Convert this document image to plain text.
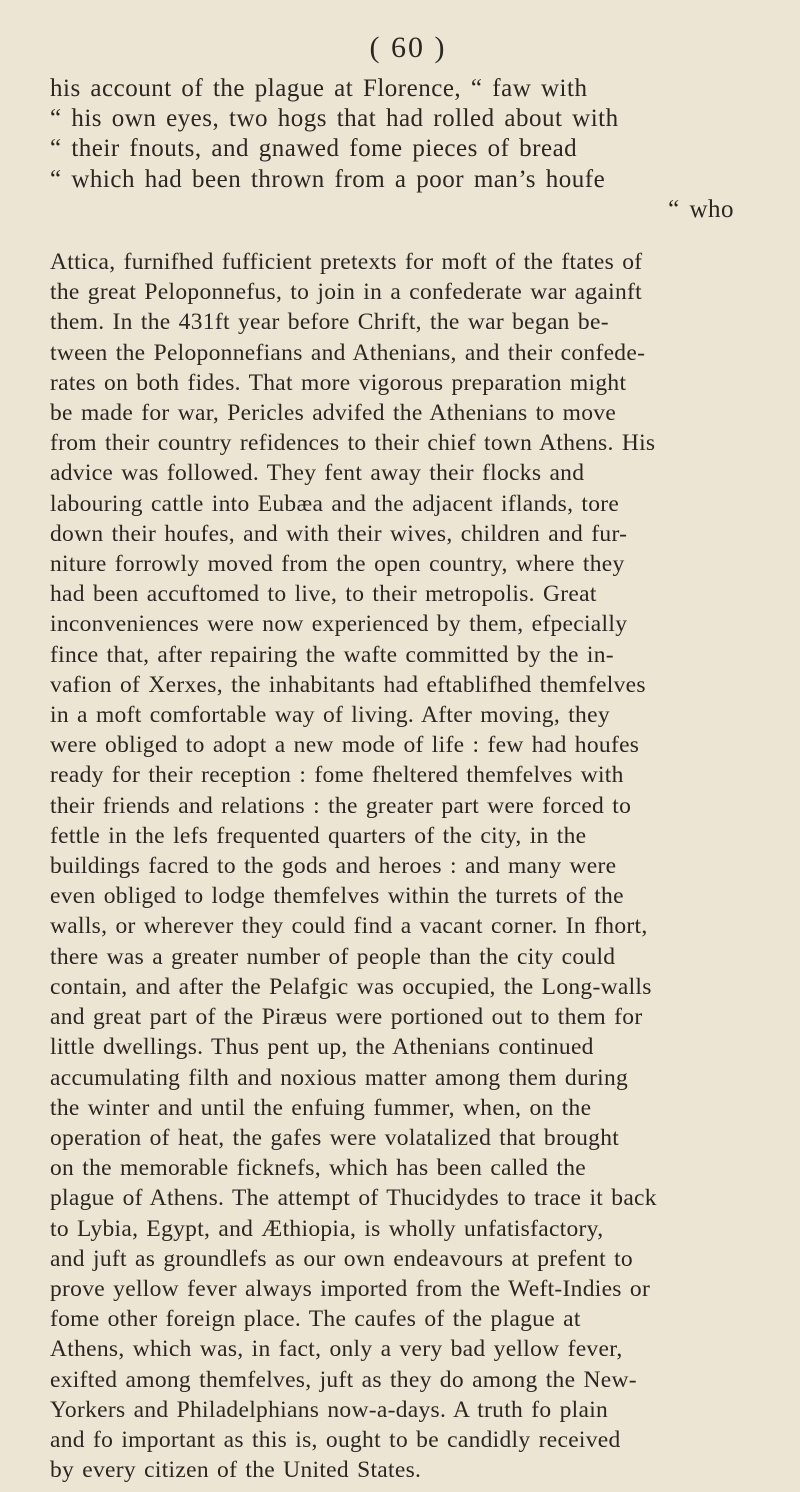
( 60 )
his account of the plague at Florence, “ faw with
“ his own eyes, two hogs that had rolled about with
“ their fnouts, and gnawed fome pieces of bread
“ which had been thrown from a poor man’s houfe
“ who
Attica, furnifhed fufficient pretexts for moft of the ftates of
the great Peloponnefus, to join in a confederate war againft
them. In the 431ft year before Chrift, the war began be-
tween the Peloponnefians and Athenians, and their confede-
rates on both fides. That more vigorous preparation might
be made for war, Pericles advifed the Athenians to move
from their country refidences to their chief town Athens. His
advice was followed. They fent away their flocks and
labouring cattle into Eubæa and the adjacent iflands, tore
down their houfes, and with their wives, children and fur-
niture forrowly moved from the open country, where they
had been accuftomed to live, to their metropolis. Great
inconveniences were now experienced by them, efpecially
fince that, after repairing the wafte committed by the in-
vafion of Xerxes, the inhabitants had eftablifhed themfelves
in a moft comfortable way of living. After moving, they
were obliged to adopt a new mode of life : few had houfes
ready for their reception : fome fheltered themfelves with
their friends and relations : the greater part were forced to
fettle in the lefs frequented quarters of the city, in the
buildings facred to the gods and heroes : and many were
even obliged to lodge themfelves within the turrets of the
walls, or wherever they could find a vacant corner. In fhort,
there was a greater number of people than the city could
contain, and after the Pelafgic was occupied, the Long-walls
and great part of the Piræus were portioned out to them for
little dwellings. Thus pent up, the Athenians continued
accumulating filth and noxious matter among them during
the winter and until the enfuing fummer, when, on the
operation of heat, the gafes were volatalized that brought
on the memorable ficknefs, which has been called the
plague of Athens. The attempt of Thucidydes to trace it back
to Lybia, Egypt, and Æthiopia, is wholly unfatisfactory,
and juft as groundlefs as our own endeavours at prefent to
prove yellow fever always imported from the Weft-Indies or
fome other foreign place. The caufes of the plague at
Athens, which was, in fact, only a very bad yellow fever,
exifted among themfelves, juft as they do among the New-
Yorkers and Philadelphians now-a-days. A truth fo plain
and fo important as this is, ought to be candidly received
by every citizen of the United States.
